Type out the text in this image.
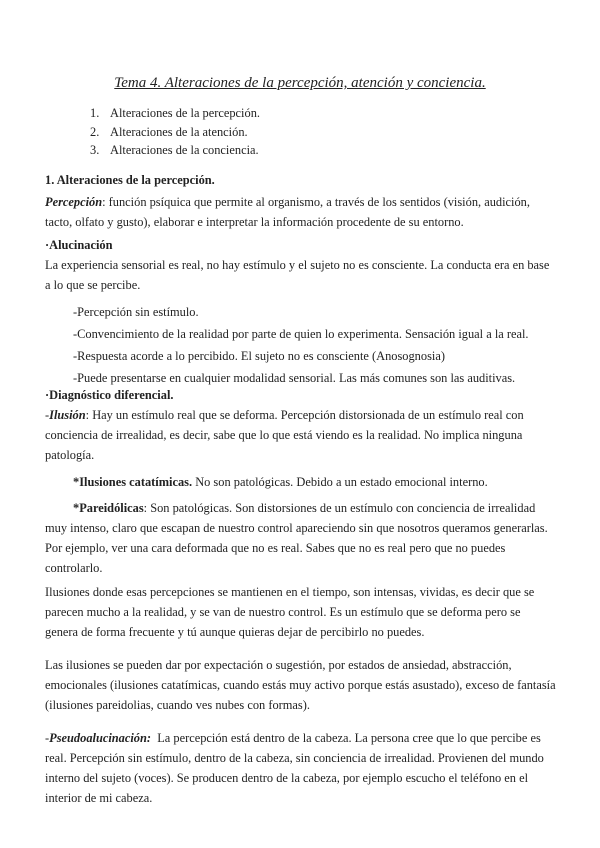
Tema 4. Alteraciones de la percepción, atención y conciencia.
1. Alteraciones de la percepción.
2. Alteraciones de la atención.
3. Alteraciones de la conciencia.

1. Alteraciones de la percepción.

Percepción: función psíquica que permite al organismo, a través de los sentidos (visión, audición, tacto, olfato y gusto), elaborar e interpretar la información procedente de su entorno.

·Alucinación

La experiencia sensorial es real, no hay estímulo y el sujeto no es consciente. La conducta era en base a lo que se percibe.

-Percepción sin estímulo.

-Convencimiento de la realidad por parte de quien lo experimenta. Sensación igual a la real.

-Respuesta acorde a lo percibido. El sujeto no es consciente (Anosognosia)

-Puede presentarse en cualquier modalidad sensorial. Las más comunes son las auditivas.

·Diagnóstico diferencial.

-Ilusión: Hay un estímulo real que se deforma. Percepción distorsionada de un estímulo real con conciencia de irrealidad, es decir, sabe que lo que está viendo es la realidad. No implica ninguna patología.

*Ilusiones catatímicas. No son patológicas. Debido a un estado emocional interno.

*Pareidólicas: Son patológicas. Son distorsiones de un estímulo con conciencia de irrealidad muy intenso, claro que escapan de nuestro control apareciendo sin que nosotros queramos generarlas. Por ejemplo, ver una cara deformada que no es real. Sabes que no es real pero que no puedes controlarlo.

Ilusiones donde esas percepciones se mantienen en el tiempo, son intensas, vividas, es decir que se parecen mucho a la realidad, y se van de nuestro control. Es un estímulo que se deforma pero se genera de forma frecuente y tú aunque quieras dejar de percibirlo no puedes.

Las ilusiones se pueden dar por expectación o sugestión, por estados de ansiedad, abstracción, emocionales (ilusiones catatímicas, cuando estás muy activo porque estás asustado), exceso de fantasía (ilusiones pareidolias, cuando ves nubes con formas).

-Pseudoalucinación:  La percepción está dentro de la cabeza. La persona cree que lo que percibe es real. Percepción sin estímulo, dentro de la cabeza, sin conciencia de irrealidad. Provienen del mundo interno del sujeto (voces). Se producen dentro de la cabeza, por ejemplo escucho el teléfono en el interior de mi cabeza.
